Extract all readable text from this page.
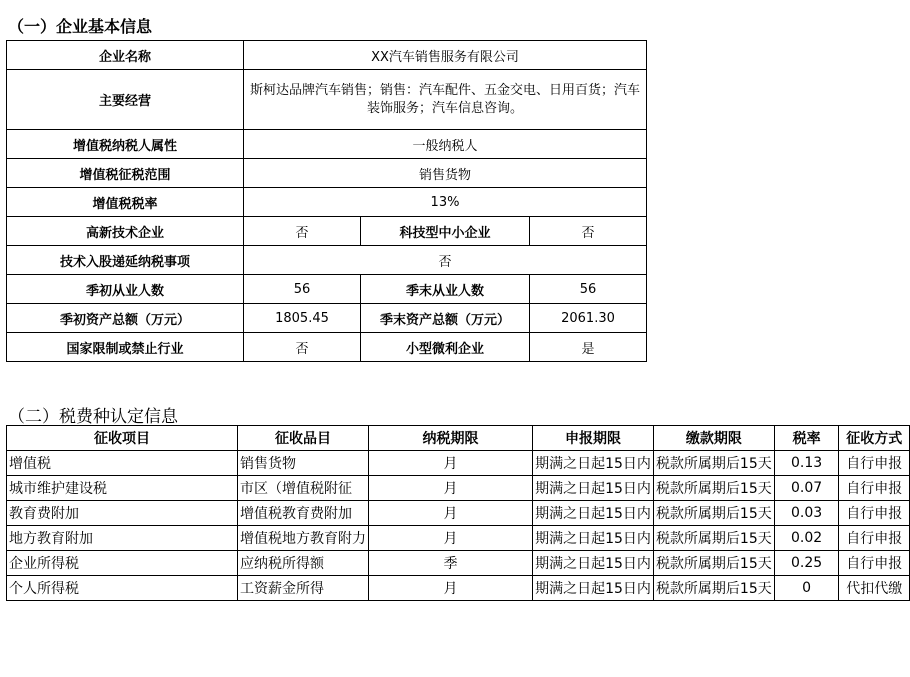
（一）企业基本信息
企业名称	XX汽车销售服务有限公司		
主要经营	斯柯达品牌汽车销售；销售：汽车配件、五金交电、日用百货；汽车装饰服务；汽车信息咨询。		
增值税纳税人属性	一般纳税人		
增值税征税范围	销售货物		
增值税税率	13%		
高新技术企业	否	科技型中小企业	否
技术入股递延纳税事项	否		
季初从业人数	56	季末从业人数	56
季初资产总额（万元）	1805.45	季末资产总额（万元）	2061.30
国家限制或禁止行业	否	小型微利企业	是
（二）税费种认定信息
征收项目	征收品目	纳税期限	申报期限	缴款期限	税率	征收方式
增值税	销售货物	月	期满之日起15日内	税款所属期后15天	0.13	自行申报
城市维护建设税	市区（增值税附征	月	期满之日起15日内	税款所属期后15天	0.07	自行申报
教育费附加	增值税教育费附加	月	期满之日起15日内	税款所属期后15天	0.03	自行申报
地方教育附加	增值税地方教育附力	月	期满之日起15日内	税款所属期后15天	0.02	自行申报
企业所得税	应纳税所得额	季	期满之日起15日内	税款所属期后15天	0.25	自行申报
个人所得税	工资薪金所得	月	期满之日起15日内	税款所属期后15天	0	代扣代缴
